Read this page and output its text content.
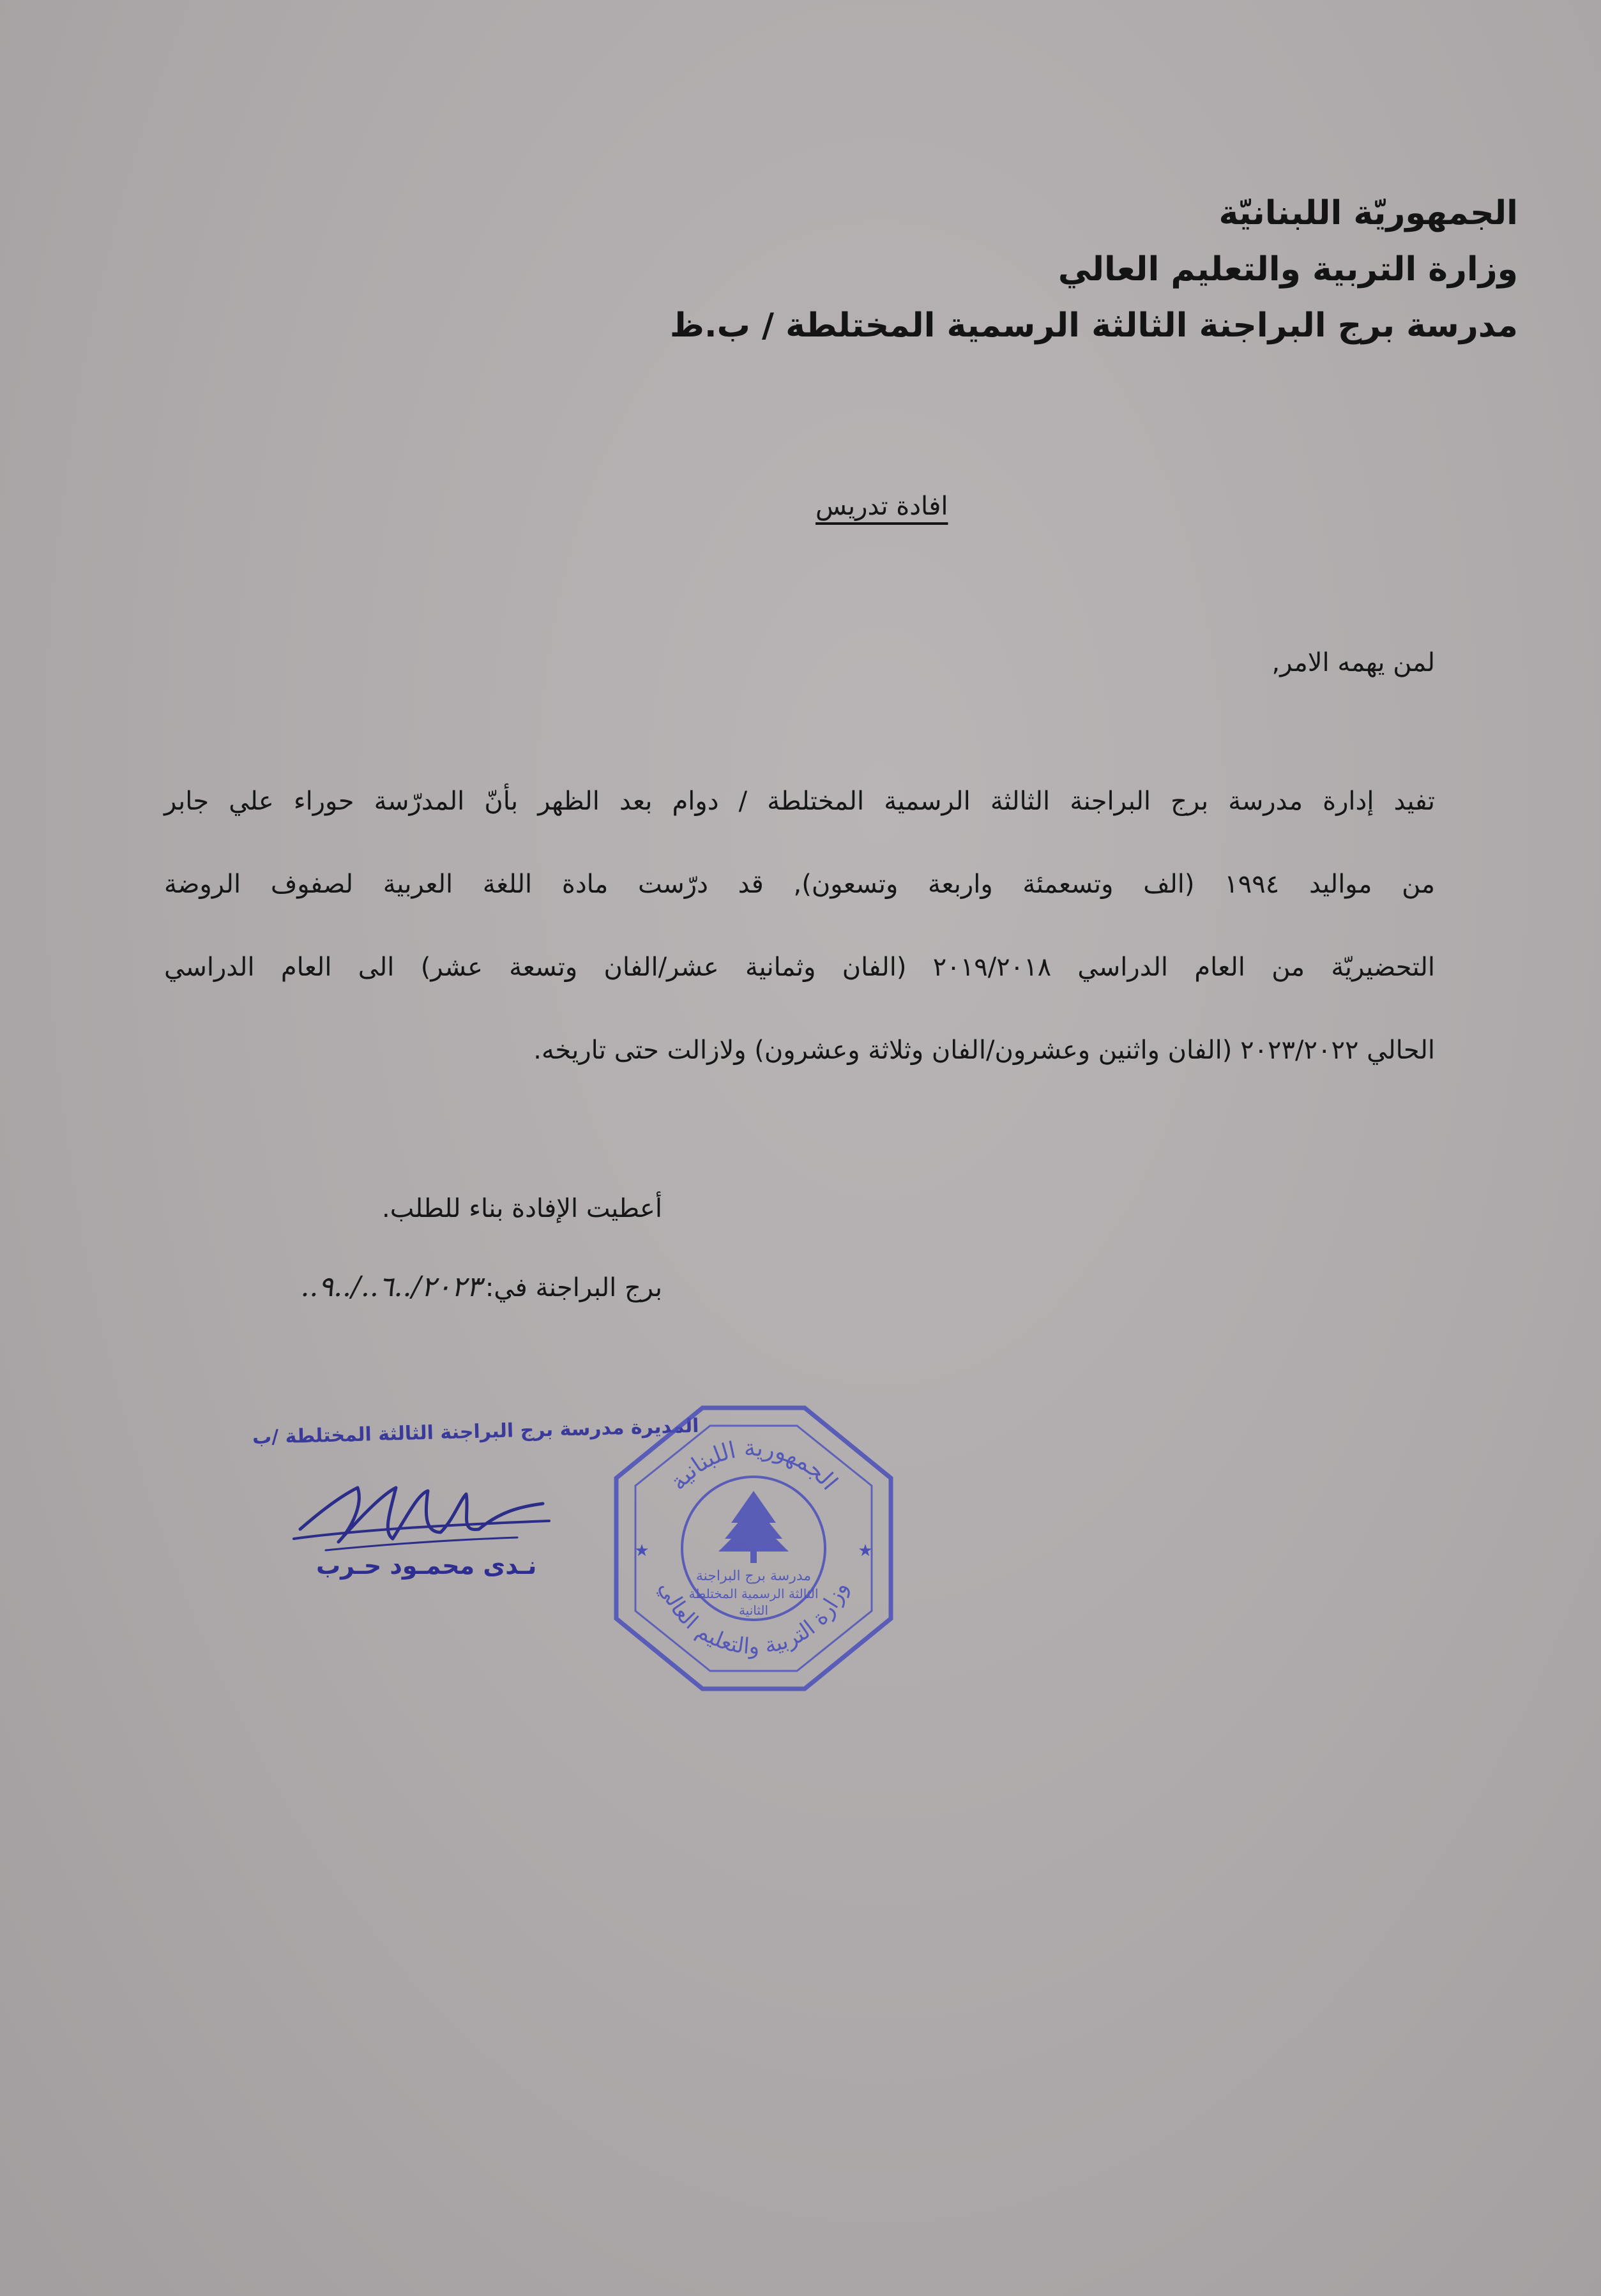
الجمهوريّة اللبنانيّة
وزارة التربية والتعليم العالي
مدرسة برج البراجنة الثالثة الرسمية المختلطة / ب.ظ
افادة تدريس
لمن يهمه الامر,
تفيد إدارة مدرسة برج البراجنة الثالثة الرسمية المختلطة / دوام بعد الظهر بأنّ المدرّسة حوراء علي جابر
من مواليد ١٩٩٤ (الف وتسعمئة واربعة وتسعون), قد درّست مادة اللغة العربية لصفوف الروضة
التحضيريّة من العام الدراسي ٢٠١٩/٢٠١٨ (الفان وثمانية عشر/الفان وتسعة عشر) الى العام الدراسي
الحالي ٢٠٢٣/٢٠٢٢ (الفان واثنين وعشرون/الفان وثلاثة وعشرون) ولازالت حتى تاريخه.
أعطيت الإفادة بناء للطلب.
برج البراجنة في:٢٠٢٣/..٦../..٩..
المديرة مدرسة برج البراجنة الثالثة المختلطة /ب
نـدى محمـود حـرب
الجمهورية اللبنانية
وزارة التربية والتعليم العالي
مدرسة برج البراجنة
الثالثة الرسمية المختلطة
الثانية
★	★
